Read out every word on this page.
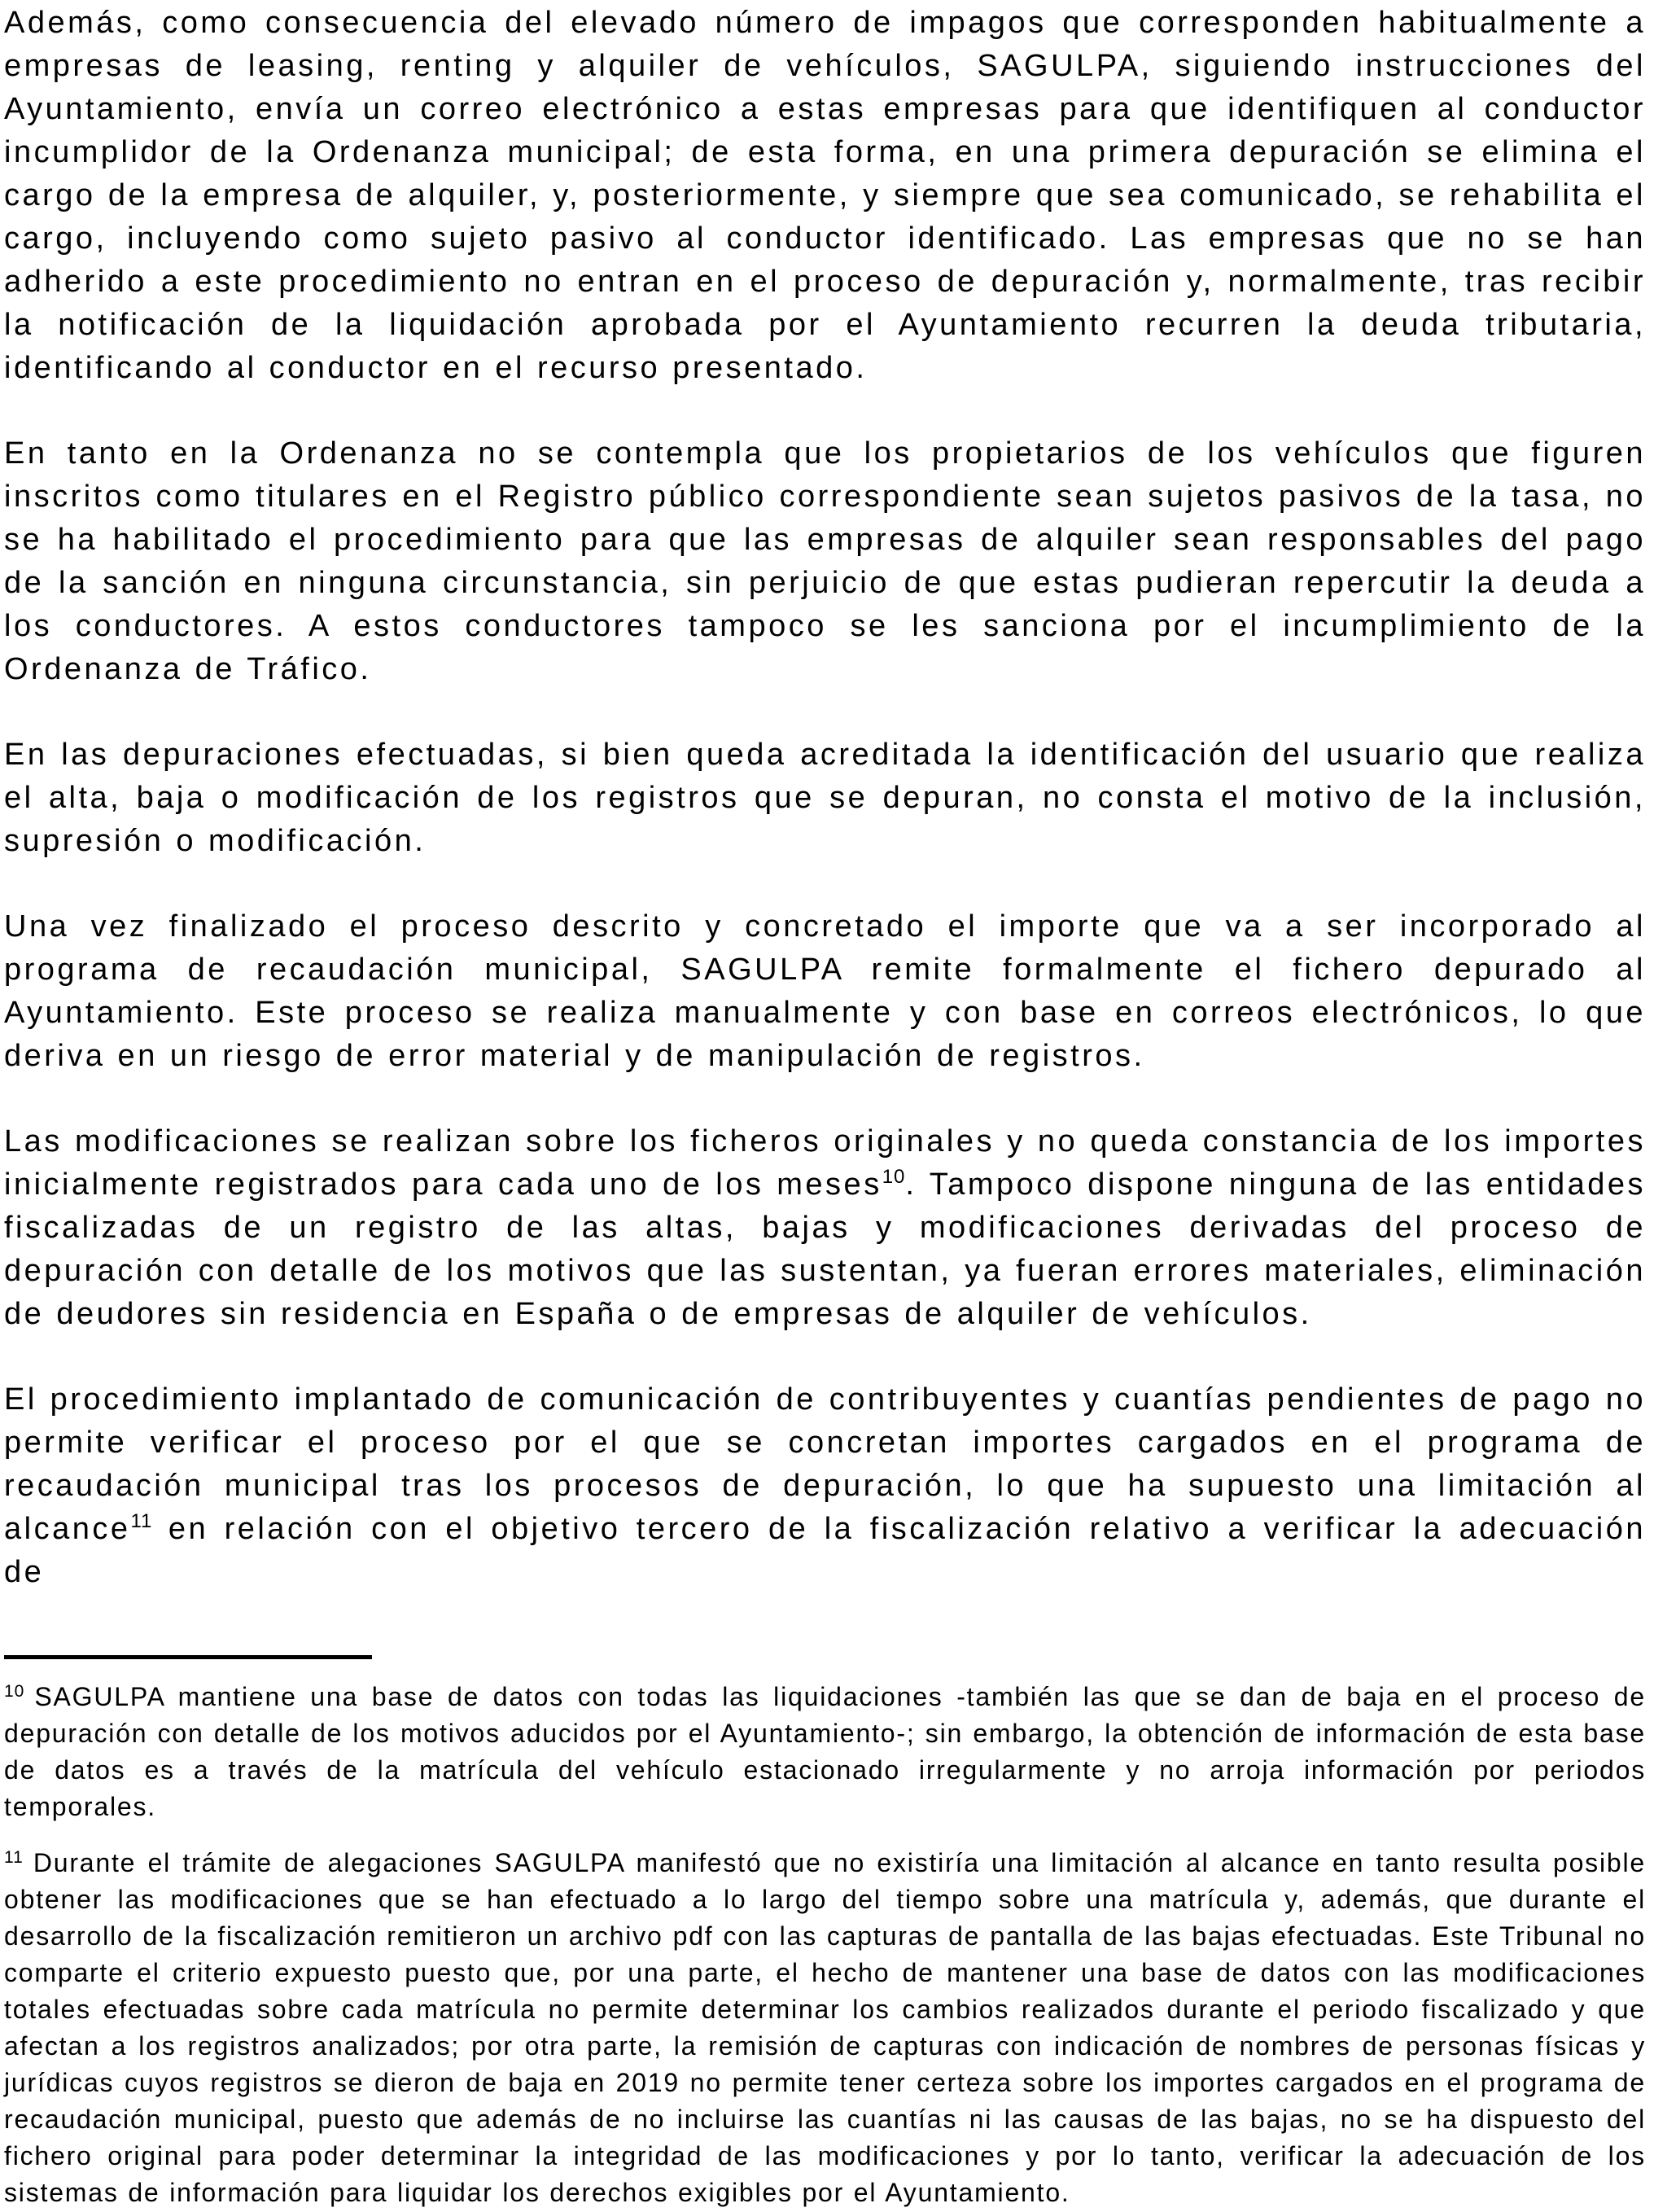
Además, como consecuencia del elevado número de impagos que corresponden habitualmente a empresas de leasing, renting y alquiler de vehículos, SAGULPA, siguiendo instrucciones del Ayuntamiento, envía un correo electrónico a estas empresas para que identifiquen al conductor incumplidor de la Ordenanza municipal; de esta forma, en una primera depuración se elimina el cargo de la empresa de alquiler, y, posteriormente, y siempre que sea comunicado, se rehabilita el cargo, incluyendo como sujeto pasivo al conductor identificado. Las empresas que no se han adherido a este procedimiento no entran en el proceso de depuración y, normalmente, tras recibir la notificación de la liquidación aprobada por el Ayuntamiento recurren la deuda tributaria, identificando al conductor en el recurso presentado.

En tanto en la Ordenanza no se contempla que los propietarios de los vehículos que figuren inscritos como titulares en el Registro público correspondiente sean sujetos pasivos de la tasa, no se ha habilitado el procedimiento para que las empresas de alquiler sean responsables del pago de la sanción en ninguna circunstancia, sin perjuicio de que estas pudieran repercutir la deuda a los conductores. A estos conductores tampoco se les sanciona por el incumplimiento de la Ordenanza de Tráfico.

En las depuraciones efectuadas, si bien queda acreditada la identificación del usuario que realiza el alta, baja o modificación de los registros que se depuran, no consta el motivo de la inclusión, supresión o modificación.

Una vez finalizado el proceso descrito y concretado el importe que va a ser incorporado al programa de recaudación municipal, SAGULPA remite formalmente el fichero depurado al Ayuntamiento. Este proceso se realiza manualmente y con base en correos electrónicos, lo que deriva en un riesgo de error material y de manipulación de registros.

Las modificaciones se realizan sobre los ficheros originales y no queda constancia de los importes inicialmente registrados para cada uno de los meses$^{10}$. Tampoco dispone ninguna de las entidades fiscalizadas de un registro de las altas, bajas y modificaciones derivadas del proceso de depuración con detalle de los motivos que las sustentan, ya fueran errores materiales, eliminación de deudores sin residencia en España o de empresas de alquiler de vehículos.

El procedimiento implantado de comunicación de contribuyentes y cuantías pendientes de pago no permite verificar el proceso por el que se concretan importes cargados en el programa de recaudación municipal tras los procesos de depuración, lo que ha supuesto una limitación al alcance$^{11}$ en relación con el objetivo tercero de la fiscalización relativo a verificar la adecuación de

$^{10}$ SAGULPA mantiene una base de datos con todas las liquidaciones -también las que se dan de baja en el proceso de depuración con detalle de los motivos aducidos por el Ayuntamiento-; sin embargo, la obtención de información de esta base de datos es a través de la matrícula del vehículo estacionado irregularmente y no arroja información por periodos temporales.

$^{11}$ Durante el trámite de alegaciones SAGULPA manifestó que no existiría una limitación al alcance en tanto resulta posible obtener las modificaciones que se han efectuado a lo largo del tiempo sobre una matrícula y, además, que durante el desarrollo de la fiscalización remitieron un archivo pdf con las capturas de pantalla de las bajas efectuadas. Este Tribunal no comparte el criterio expuesto puesto que, por una parte, el hecho de mantener una base de datos con las modificaciones totales efectuadas sobre cada matrícula no permite determinar los cambios realizados durante el periodo fiscalizado y que afectan a los registros analizados; por otra parte, la remisión de capturas con indicación de nombres de personas físicas y jurídicas cuyos registros se dieron de baja en 2019 no permite tener certeza sobre los importes cargados en el programa de recaudación municipal, puesto que además de no incluirse las cuantías ni las causas de las bajas, no se ha dispuesto del fichero original para poder determinar la integridad de las modificaciones y por lo tanto, verificar la adecuación de los sistemas de información para liquidar los derechos exigibles por el Ayuntamiento.
